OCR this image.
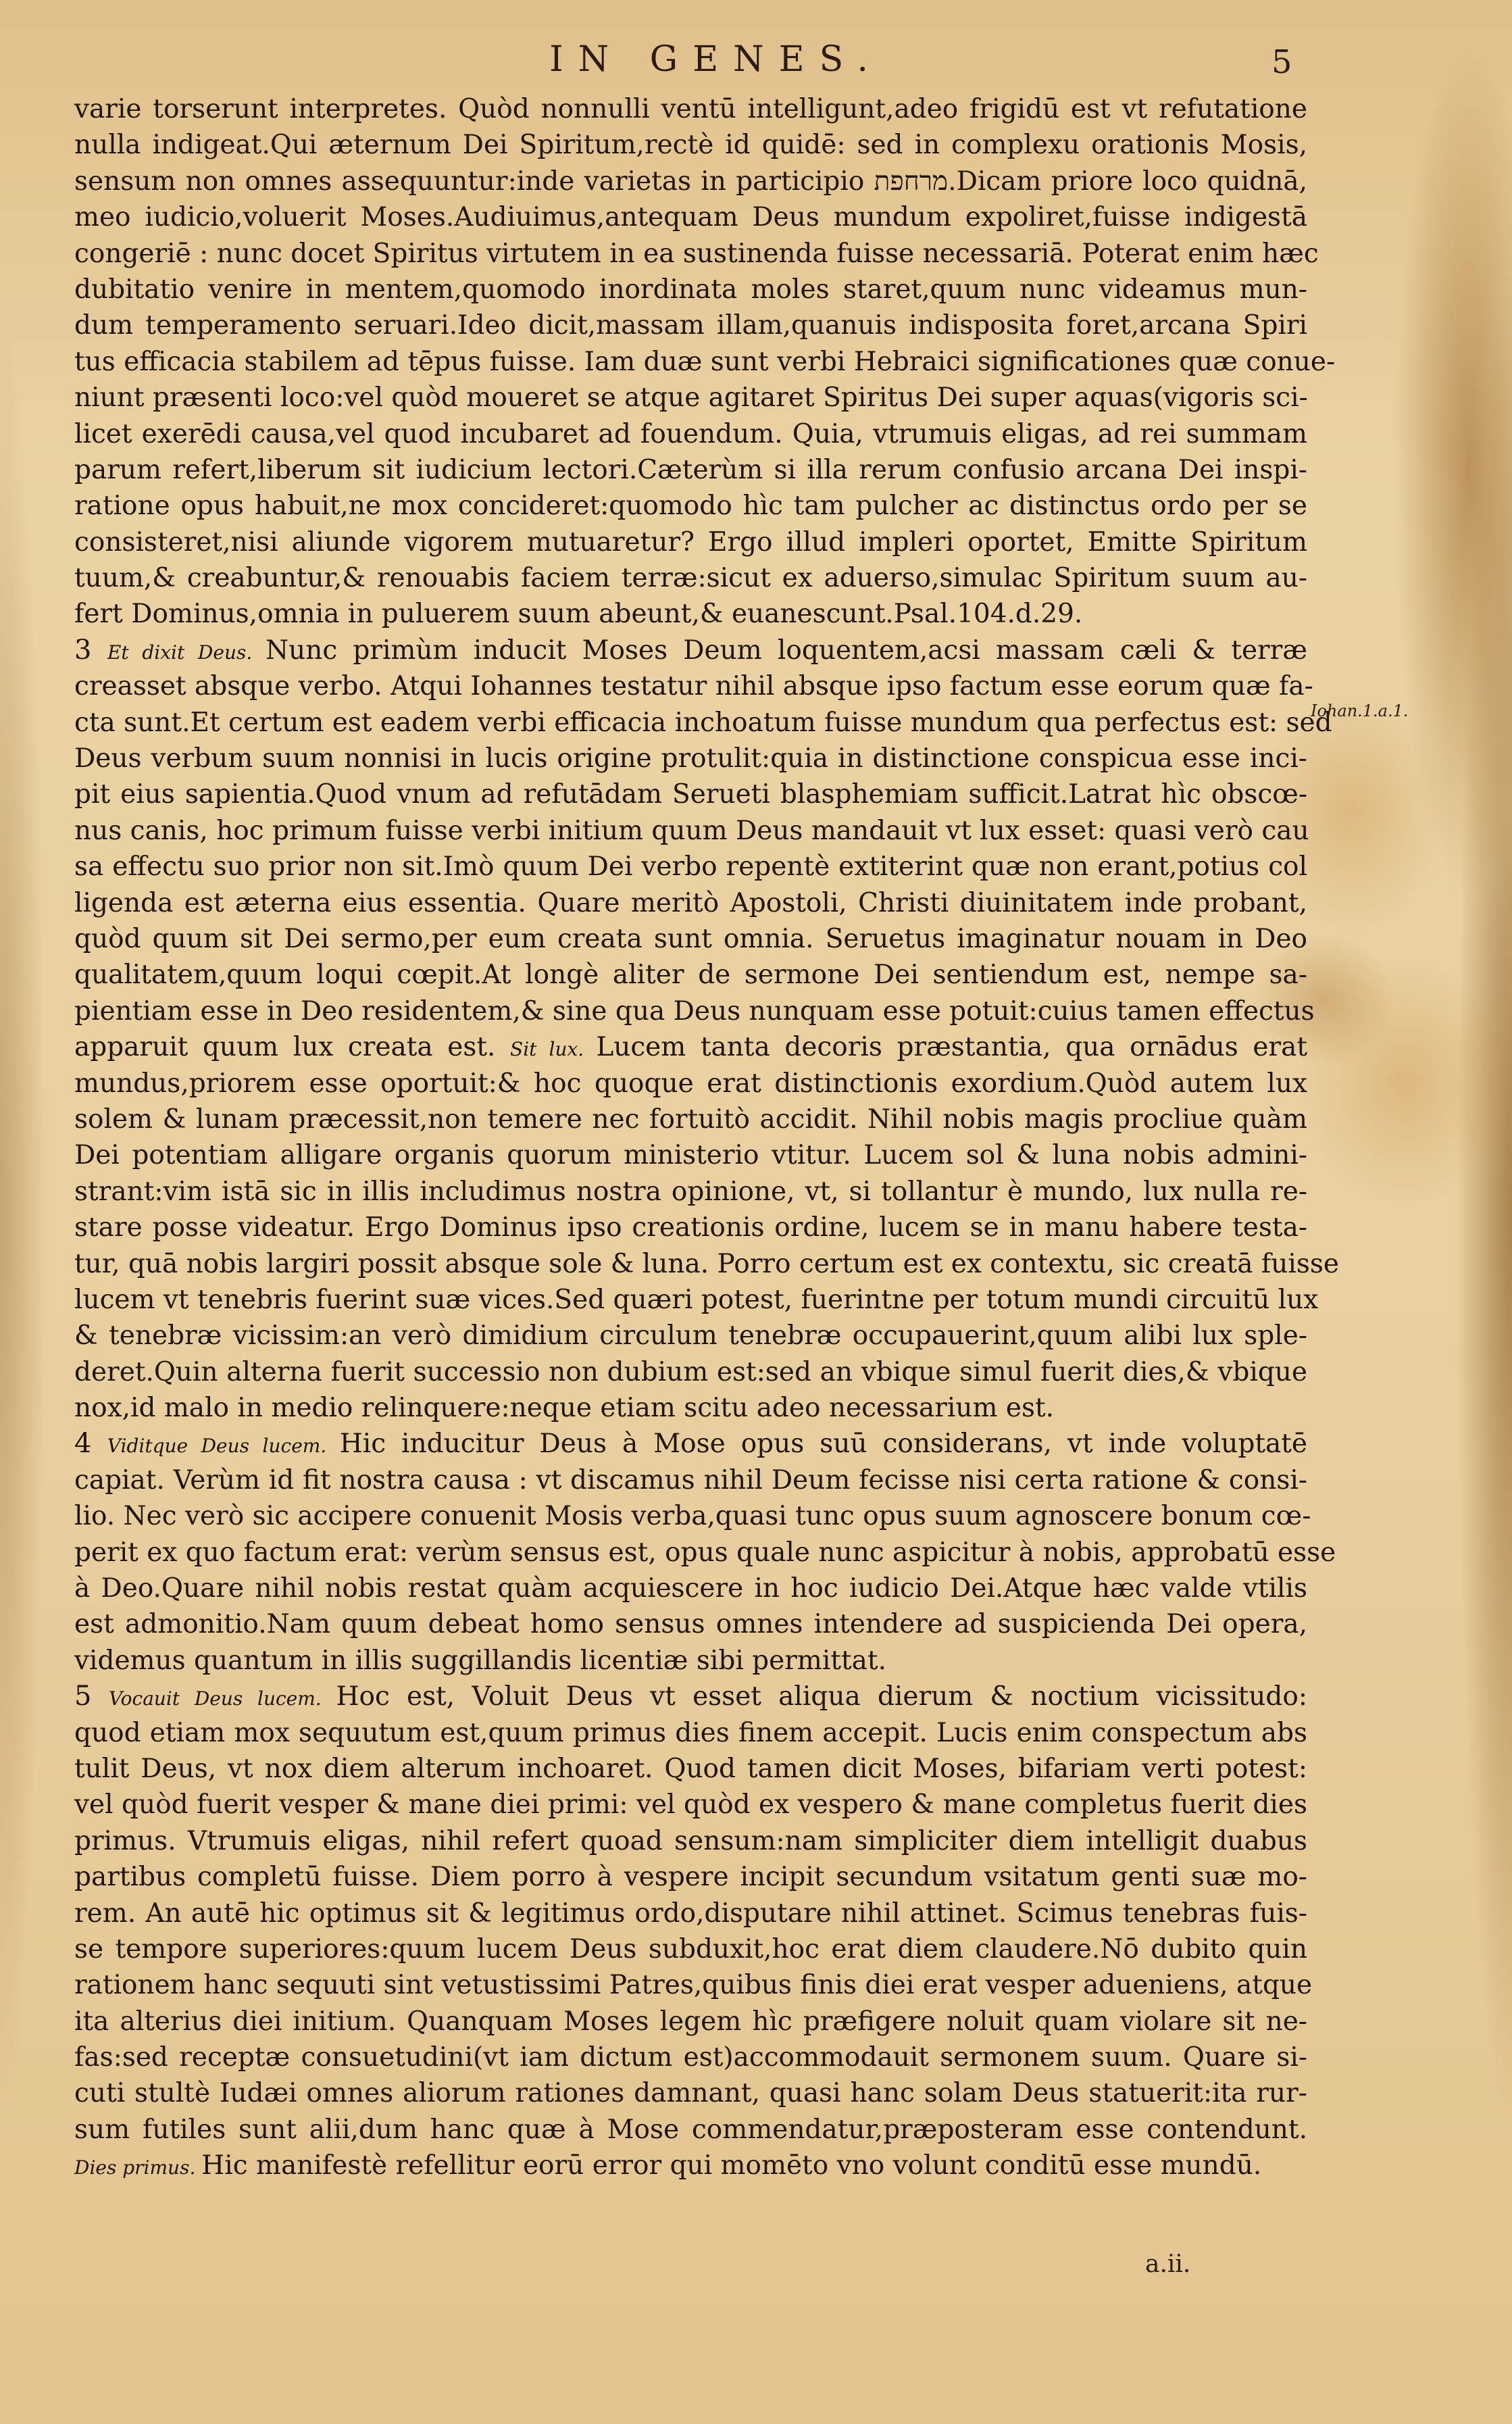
IN GENES.	5
varie torserunt interpretes. Quòd nonnulli ventū intelligunt,adeo frigidū est vt refutatione
nulla indigeat.Qui æternum Dei Spiritum,rectè id quidē: sed in complexu orationis Mosis,
sensum non omnes assequuntur:inde varietas in participio מרחפת.Dicam priore loco quidnā,
meo iudicio,voluerit Moses.Audiuimus,antequam Deus mundum expoliret,fuisse indigestā
congeriē : nunc docet Spiritus virtutem in ea sustinenda fuisse necessariā. Poterat enim hæc
dubitatio venire in mentem,quomodo inordinata moles staret,quum nunc videamus mun-
dum temperamento seruari.Ideo dicit,massam illam,quanuis indisposita foret,arcana Spiri
tus efficacia stabilem ad tēpus fuisse. Iam duæ sunt verbi Hebraici significationes quæ conue-
niunt præsenti loco:vel quòd moueret se atque agitaret Spiritus Dei super aquas(vigoris sci-
licet exerēdi causa,vel quod incubaret ad fouendum. Quia, vtrumuis eligas, ad rei summam
parum refert,liberum sit iudicium lectori.Cæterùm si illa rerum confusio arcana Dei inspi-
ratione opus habuit,ne mox concideret:quomodo hìc tam pulcher ac distinctus ordo per se
consisteret,nisi aliunde vigorem mutuaretur? Ergo illud impleri oportet, Emitte Spiritum
tuum,& creabuntur,& renouabis faciem terræ:sicut ex aduerso,simulac Spiritum suum au-
fert Dominus,omnia in puluerem suum abeunt,& euanescunt.Psal.104.d.29.
3 Et dixit Deus. Nunc primùm inducit Moses Deum loquentem,acsi massam cæli & terræ
creasset absque verbo. Atqui Iohannes testatur nihil absque ipso factum esse eorum quæ fa-
cta sunt.Et certum est eadem verbi efficacia inchoatum fuisse mundum qua perfectus est: sed
Deus verbum suum nonnisi in lucis origine protulit:quia in distinctione conspicua esse inci-
pit eius sapientia.Quod vnum ad refutādam Serueti blasphemiam sufficit.Latrat hìc obscœ-
nus canis, hoc primum fuisse verbi initium quum Deus mandauit vt lux esset: quasi verò cau
sa effectu suo prior non sit.Imò quum Dei verbo repentè extiterint quæ non erant,potius col
ligenda est æterna eius essentia. Quare meritò Apostoli, Christi diuinitatem inde probant,
quòd quum sit Dei sermo,per eum creata sunt omnia. Seruetus imaginatur nouam in Deo
qualitatem,quum loqui cœpit.At longè aliter de sermone Dei sentiendum est, nempe sa-
pientiam esse in Deo residentem,& sine qua Deus nunquam esse potuit:cuius tamen effectus
apparuit quum lux creata est. Sit lux. Lucem tanta decoris præstantia, qua ornādus erat
mundus,priorem esse oportuit:& hoc quoque erat distinctionis exordium.Quòd autem lux
solem & lunam præcessit,non temere nec fortuitò accidit. Nihil nobis magis procliue quàm
Dei potentiam alligare organis quorum ministerio vtitur. Lucem sol & luna nobis admini-
strant:vim istā sic in illis includimus nostra opinione, vt, si tollantur è mundo, lux nulla re-
stare posse videatur. Ergo Dominus ipso creationis ordine, lucem se in manu habere testa-
tur, quā nobis largiri possit absque sole & luna. Porro certum est ex contextu, sic creatā fuisse
lucem vt tenebris fuerint suæ vices.Sed quæri potest, fuerintne per totum mundi circuitū lux
& tenebræ vicissim:an verò dimidium circulum tenebræ occupauerint,quum alibi lux sple-
deret.Quin alterna fuerit successio non dubium est:sed an vbique simul fuerit dies,& vbique
nox,id malo in medio relinquere:neque etiam scitu adeo necessarium est.
4 Viditque Deus lucem. Hic inducitur Deus à Mose opus suū considerans, vt inde voluptatē
capiat. Verùm id fit nostra causa : vt discamus nihil Deum fecisse nisi certa ratione & consi-
lio. Nec verò sic accipere conuenit Mosis verba,quasi tunc opus suum agnoscere bonum cœ-
perit ex quo factum erat: verùm sensus est, opus quale nunc aspicitur à nobis, approbatū esse
à Deo.Quare nihil nobis restat quàm acquiescere in hoc iudicio Dei.Atque hæc valde vtilis
est admonitio.Nam quum debeat homo sensus omnes intendere ad suspicienda Dei opera,
videmus quantum in illis suggillandis licentiæ sibi permittat.
5 Vocauit Deus lucem. Hoc est, Voluit Deus vt esset aliqua dierum & noctium vicissitudo:
quod etiam mox sequutum est,quum primus dies finem accepit. Lucis enim conspectum abs
tulit Deus, vt nox diem alterum inchoaret. Quod tamen dicit Moses, bifariam verti potest:
vel quòd fuerit vesper & mane diei primi: vel quòd ex vespero & mane completus fuerit dies
primus. Vtrumuis eligas, nihil refert quoad sensum:nam simpliciter diem intelligit duabus
partibus completū fuisse. Diem porro à vespere incipit secundum vsitatum genti suæ mo-
rem. An autē hic optimus sit & legitimus ordo,disputare nihil attinet. Scimus tenebras fuis-
se tempore superiores:quum lucem Deus subduxit,hoc erat diem claudere.Nō dubito quin
rationem hanc sequuti sint vetustissimi Patres,quibus finis diei erat vesper adueniens, atque
ita alterius diei initium. Quanquam Moses legem hìc præfigere noluit quam violare sit ne-
fas:sed receptæ consuetudini(vt iam dictum est)accommodauit sermonem suum. Quare si-
cuti stultè Iudæi omnes aliorum rationes damnant, quasi hanc solam Deus statuerit:ita rur-
sum futiles sunt alii,dum hanc quæ à Mose commendatur,præposteram esse contendunt.
Dies primus. Hic manifestè refellitur eorū error qui momēto vno volunt conditū esse mundū.
Iohan.1.a.1.
a.ii.
